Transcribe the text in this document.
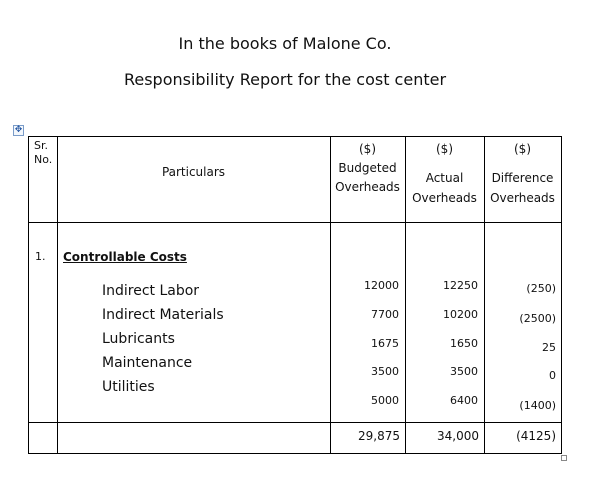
In the books of Malone Co.
Responsibility Report for the cost center
✥
Sr.
No.
Particulars
($)
Budgeted
Overheads
($)
Actual
Overheads
($)
Difference
Overheads
1. Controllable Costs
Indirect Labor
Indirect Materials
Lubricants
Maintenance
Utilities
12000
7700
1675
3500
5000
12250
10200
1650
3500
6400
(250)
(2500)
25
0
(1400)
29,875	34,000	(4125)
